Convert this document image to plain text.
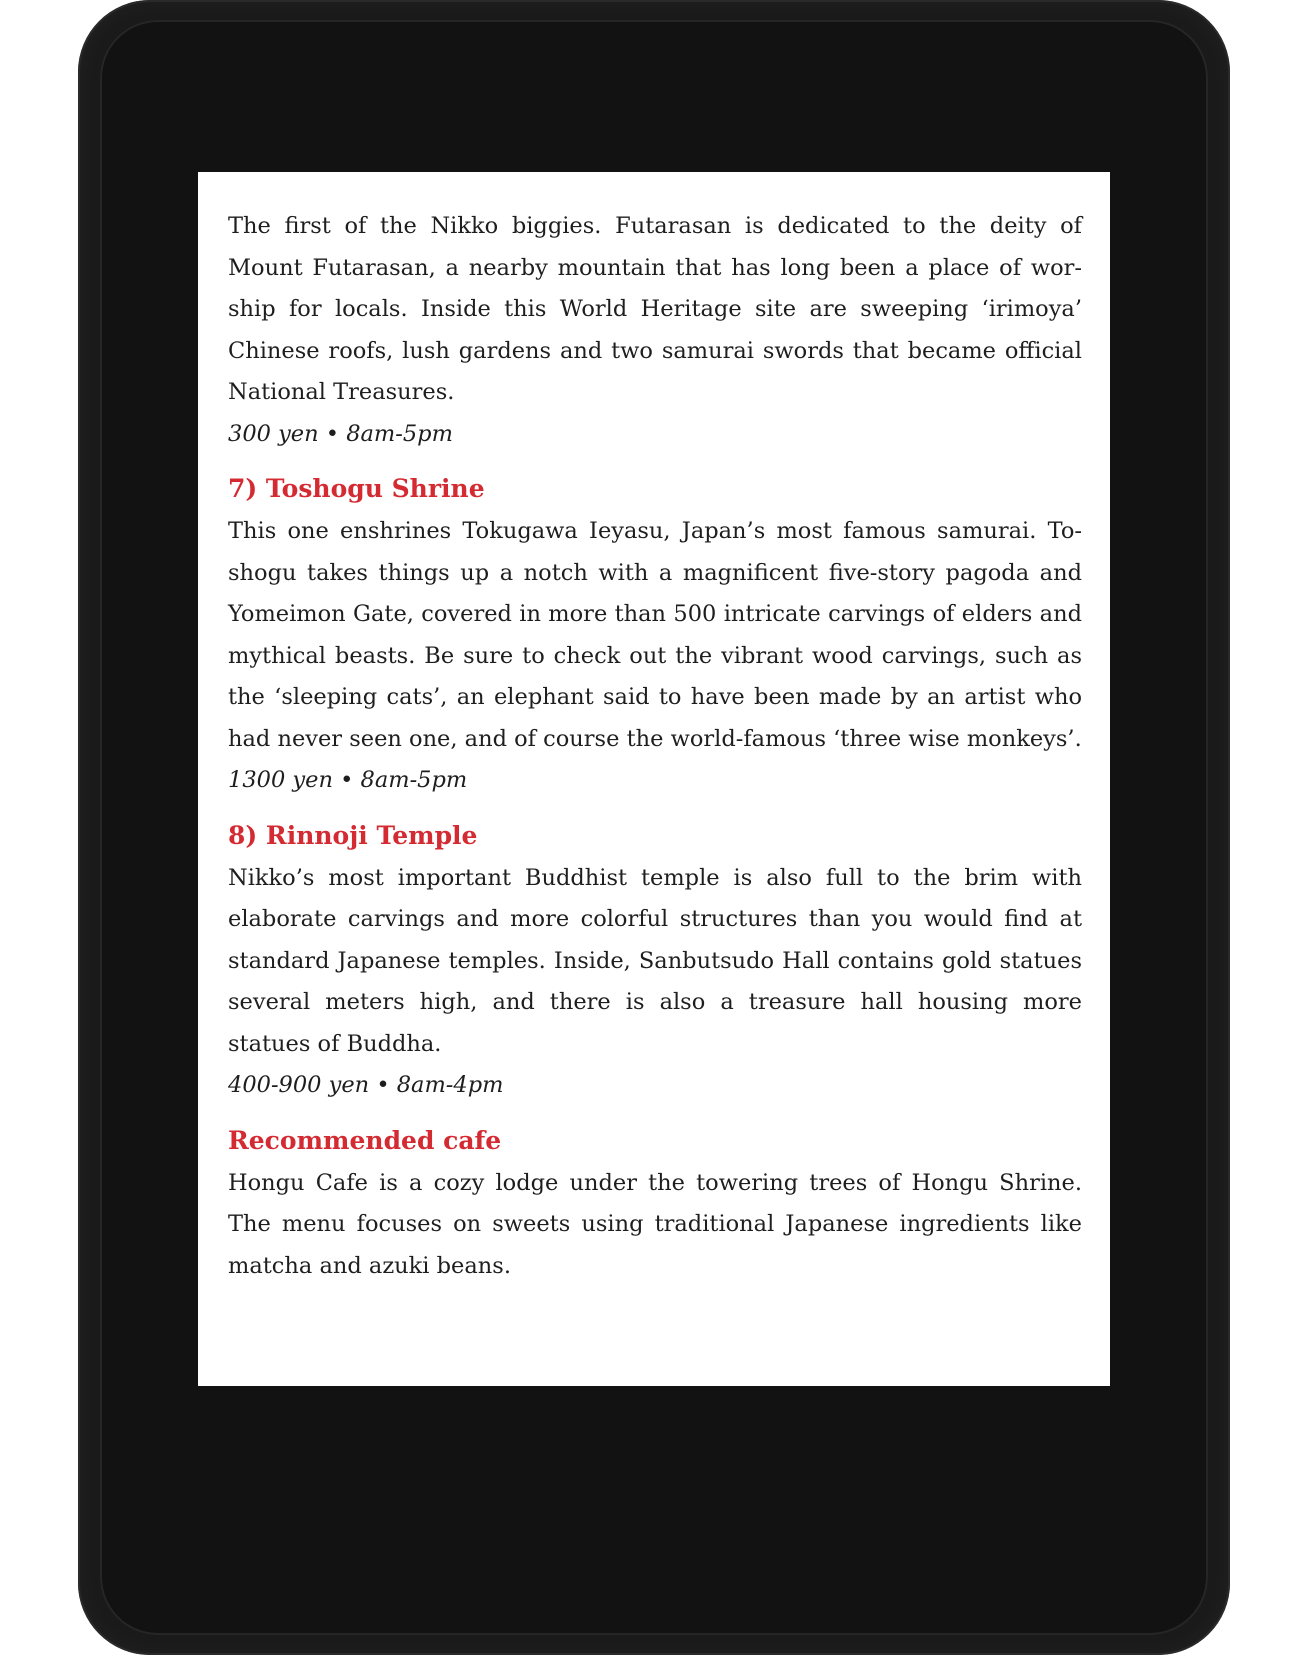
The first of the Nikko biggies. Futarasan is dedicated to the deity of Mount Futarasan, a nearby mountain that has long been a place of worship for locals. Inside this World Heritage site are sweeping ‘irimoya’ Chinese roofs, lush gardens and two samurai swords that became official National Treasures.

300 yen • 8am-5pm

7) Toshogu Shrine

This one enshrines Tokugawa Ieyasu, Japan’s most famous samurai. Toshogu takes things up a notch with a magnificent five-story pagoda and Yomeimon Gate, covered in more than 500 intricate carvings of elders and mythical beasts. Be sure to check out the vibrant wood carvings, such as the ‘sleeping cats’, an elephant said to have been made by an artist who had never seen one, and of course the world-famous ‘three wise monkeys’.

1300 yen • 8am-5pm

8) Rinnoji Temple

Nikko’s most important Buddhist temple is also full to the brim with elaborate carvings and more colorful structures than you would find at standard Japanese temples. Inside, Sanbutsudo Hall contains gold statues several meters high, and there is also a treasure hall housing more statues of Buddha.

400-900 yen • 8am-4pm

Recommended cafe

Hongu Cafe is a cozy lodge under the towering trees of Hongu Shrine. The menu focuses on sweets using traditional Japanese ingredients like matcha and azuki beans.
